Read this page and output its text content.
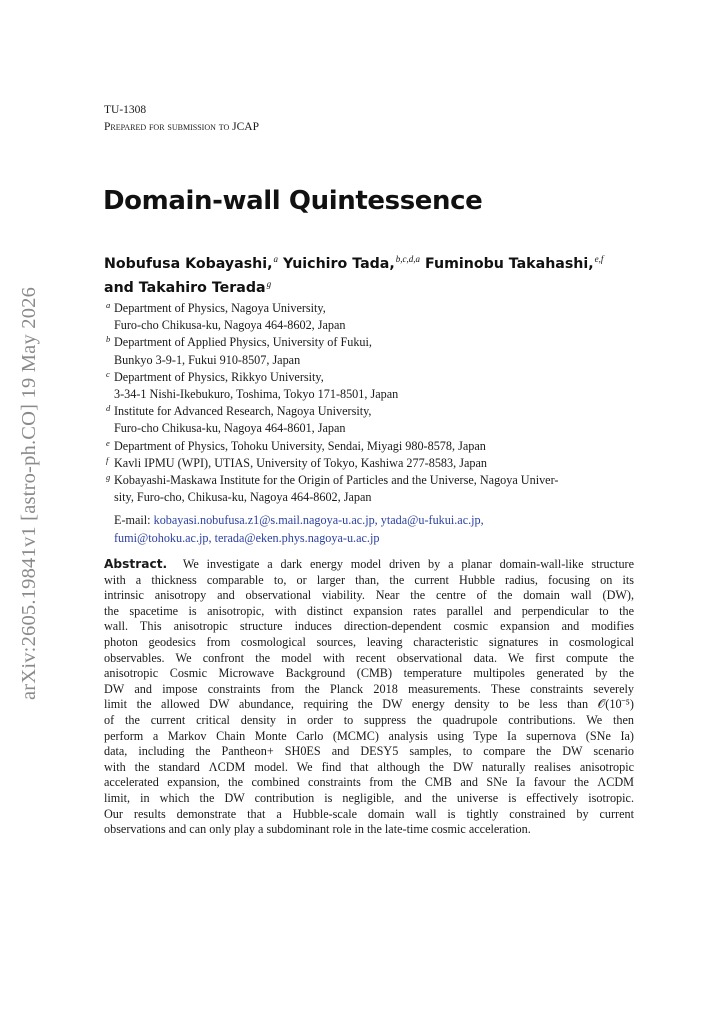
arXiv:2605.19841v1 [astro-ph.CO] 19 May 2026
TU-1308
Prepared for submission to JCAP
Domain-wall Quintessence
Nobufusa Kobayashi,$^a$ Yuichiro Tada,$^{b,c,d,a}$ Fuminobu Takahashi,$^{e,f}$
and Takahiro Terada$^g$
a Department of Physics, Nagoya University,
Furo-cho Chikusa-ku, Nagoya 464-8602, Japan
b Department of Applied Physics, University of Fukui,
Bunkyo 3-9-1, Fukui 910-8507, Japan
c Department of Physics, Rikkyo University,
3-34-1 Nishi-Ikebukuro, Toshima, Tokyo 171-8501, Japan
d Institute for Advanced Research, Nagoya University,
Furo-cho Chikusa-ku, Nagoya 464-8601, Japan
e Department of Physics, Tohoku University, Sendai, Miyagi 980-8578, Japan
f Kavli IPMU (WPI), UTIAS, University of Tokyo, Kashiwa 277-8583, Japan
g Kobayashi-Maskawa Institute for the Origin of Particles and the Universe, Nagoya Univer-
sity, Furo-cho, Chikusa-ku, Nagoya 464-8602, Japan
E-mail: kobayasi.nobufusa.z1@s.mail.nagoya-u.ac.jp, ytada@u-fukui.ac.jp,
fumi@tohoku.ac.jp, terada@eken.phys.nagoya-u.ac.jp
Abstract. We investigate a dark energy model driven by a planar domain-wall-like structure
with a thickness comparable to, or larger than, the current Hubble radius, focusing on its
intrinsic anisotropy and observational viability. Near the centre of the domain wall (DW),
the spacetime is anisotropic, with distinct expansion rates parallel and perpendicular to the
wall. This anisotropic structure induces direction-dependent cosmic expansion and modifies
photon geodesics from cosmological sources, leaving characteristic signatures in cosmological
observables. We confront the model with recent observational data. We first compute the
anisotropic Cosmic Microwave Background (CMB) temperature multipoles generated by the
DW and impose constraints from the Planck 2018 measurements. These constraints severely
limit the allowed DW abundance, requiring the DW energy density to be less than 𝒪(10⁻⁵)
of the current critical density in order to suppress the quadrupole contributions. We then
perform a Markov Chain Monte Carlo (MCMC) analysis using Type Ia supernova (SNe Ia)
data, including the Pantheon+ SH0ES and DESY5 samples, to compare the DW scenario
with the standard ΛCDM model. We find that although the DW naturally realises anisotropic
accelerated expansion, the combined constraints from the CMB and SNe Ia favour the ΛCDM
limit, in which the DW contribution is negligible, and the universe is effectively isotropic.
Our results demonstrate that a Hubble-scale domain wall is tightly constrained by current
observations and can only play a subdominant role in the late-time cosmic acceleration.
